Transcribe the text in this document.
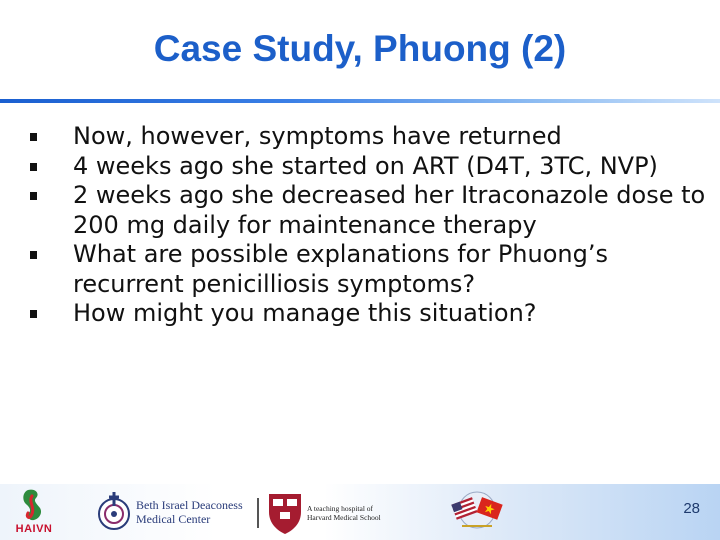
Case Study, Phuong (2)
Now, however, symptoms have returned
4 weeks ago she started on ART (D4T, 3TC, NVP)
2 weeks ago she decreased her Itraconazole dose to 200 mg daily for maintenance therapy
What are possible explanations for Phuong’s recurrent penicilliosis symptoms?
How might you manage this situation?
HAIVN
Beth Israel Deaconess
Medical Center
A teaching hospital of
Harvard Medical School
28
